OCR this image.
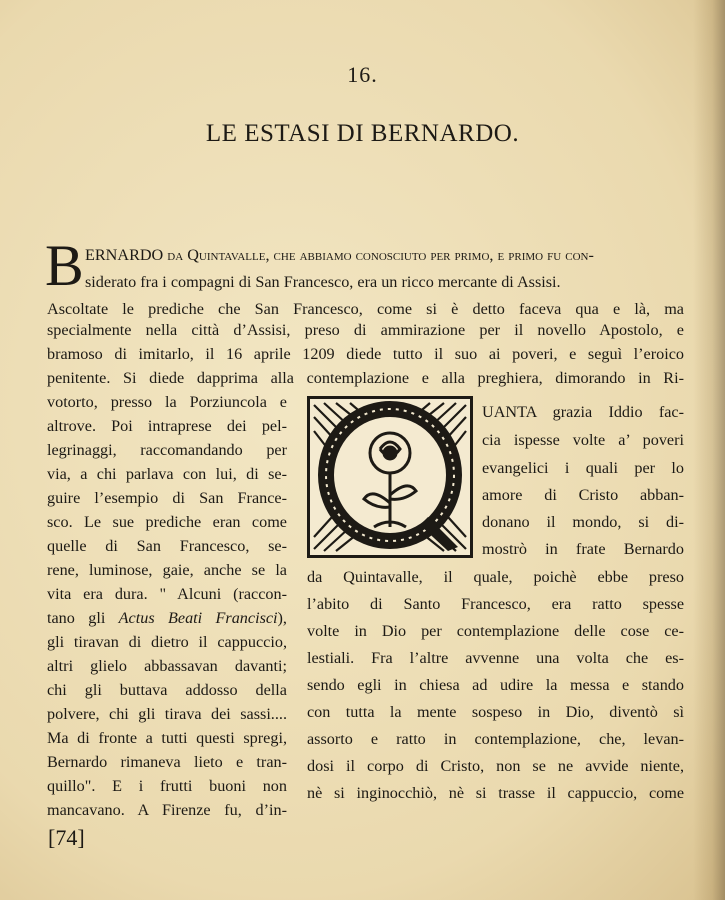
16.
LE ESTASI DI BERNARDO.
B ERNARDO da Quintavalle, che abbiamo conosciuto per primo, e primo fu con-
siderato fra i compagni di San Francesco, era un ricco mercante di Assisi.
Ascoltate le prediche che San Francesco, come si è detto faceva qua e là, ma
specialmente nella città d’Assisi, preso di ammirazione per il novello Apostolo, e
bramoso di imitarlo, il 16 aprile 1209 diede tutto il suo ai poveri, e seguì l’eroico
penitente. Si diede dapprima alla contemplazione e alla preghiera, dimorando in Ri-
votorto, presso la Porziuncola e
altrove. Poi intraprese dei pel-
legrinaggi, raccomandando per
via, a chi parlava con lui, di se-
guire l’esempio di San France-
sco. Le sue prediche eran come
quelle di San Francesco, se-
rene, luminose, gaie, anche se la
vita era dura. " Alcuni (raccon-
tano gli Actus Beati Francisci),
gli tiravan di dietro il cappuccio,
altri glielo abbassavan davanti;
chi gli buttava addosso della
polvere, chi gli tirava dei sassi....
Ma di fronte a tutti questi spregi,
Bernardo rimaneva lieto e tran-
quillo". E i frutti buoni non
mancavano. A Firenze fu, d’in-
UANTA grazia Iddio fac-
cia ispesse volte a’ poveri
evangelici i quali per lo
amore di Cristo abban-
donano il mondo, si di-
mostrò in frate Bernardo
da Quintavalle, il quale, poichè ebbe preso
l’abito di Santo Francesco, era ratto spesse
volte in Dio per contemplazione delle cose ce-
lestiali. Fra l’altre avvenne una volta che es-
sendo egli in chiesa ad udire la messa e stando
con tutta la mente sospeso in Dio, diventò sì
assorto e ratto in contemplazione, che, levan-
dosi il corpo di Cristo, non se ne avvide niente,
nè si inginocchiò, nè si trasse il cappuccio, come
[74]
